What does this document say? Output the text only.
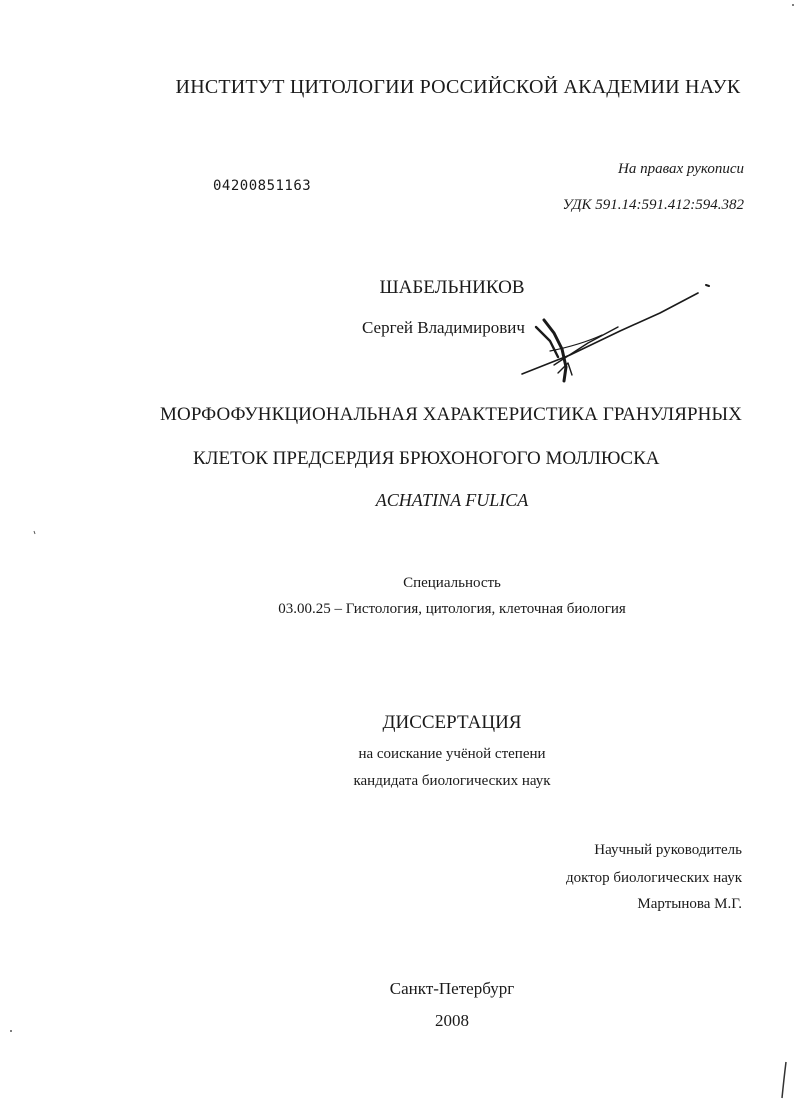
ИНСТИТУТ ЦИТОЛОГИИ РОССИЙСКОЙ АКАДЕМИИ НАУК
04200851163
На правах рукописи
УДК 591.14:591.412:594.382
ШАБЕЛЬНИКОВ
Сергей Владимирович
МОРФОФУНКЦИОНАЛЬНАЯ ХАРАКТЕРИСТИКА ГРАНУЛЯРНЫХ
КЛЕТОК ПРЕДСЕРДИЯ БРЮХОНОГОГО МОЛЛЮСКА
ACHATINA FULICA
Специальность
03.00.25 – Гистология, цитология, клеточная биология
ДИССЕРТАЦИЯ
на соискание учёной степени
кандидата биологических наук
Научный руководитель
доктор биологических наук
Мартынова М.Г.
Санкт-Петербург
2008
